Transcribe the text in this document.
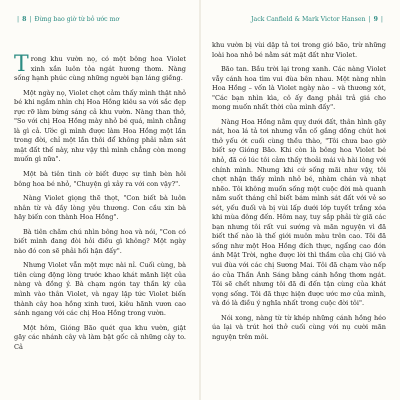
| 8 | Đừng bao giờ từ bỏ ước mơ

Trong khu vườn nọ, có một bông hoa Violet xinh xắn luôn tỏa ngát hương thơm. Nàng sống hạnh phúc cùng những người bạn láng giềng.

Một ngày nọ, Violet chợt cảm thấy mình thật nhỏ bé khi ngắm nhìn chị Hoa Hồng kiêu sa với sắc đẹp rực rỡ làm bừng sáng cả khu vườn. Nàng than thở, "So với chị Hoa Hồng mày nhỏ bé quá, mình chẳng là gì cả. Ước gì mình được làm Hoa Hồng một lần trong đời, chỉ một lần thôi để không phải nằm sát mặt đất thế này, như vậy thì mình chẳng còn mong muốn gì nữa".

Một bà tiên tình cờ biết được sự tình bèn hỏi bông hoa bé nhỏ, "Chuyện gì xảy ra với con vậy?".

Nàng Violet giọng thẽ thọt, "Con biết bà luôn nhân từ và đầy lòng yêu thương. Con cầu xin bà hãy biến con thành Hoa Hồng".

Bà tiên chăm chú nhìn bông hoa và nói, "Con có biết mình đang đòi hỏi điều gì không? Một ngày nào đó con sẽ phải hối hận đấy".

Nhưng Violet vẫn một mực nài nỉ. Cuối cùng, bà tiên cùng động lòng trước khao khát mãnh liệt của nàng và đồng ý. Bà chạm ngón tay thần kỳ của mình vào thân Violet, và ngay lập tức Violet biến thành cây hoa hồng xinh tươi, kiêu hãnh vươn cao sánh ngang với các chị Hoa Hồng trong vườn.

Một hôm, Gióng Bão quét qua khu vườn, giật gãy các nhánh cây và làm bật gốc cả những cây to. Cả

Jack Canfield & Mark Victor Hansen | 9 |

khu vườn bị vùi dập tả tơi trong gió bão, trừ những loài hoa nhỏ bé nằm sát mặt đất như Violet.

Bão tan. Bầu trời lại trong xanh. Các nàng Violet vẫy cánh hoa tìm vui đùa bên nhau. Một nàng nhìn Hoa Hồng – vốn là Violet ngày nào – và thương xót, "Các bạn nhìn kìa, cô ấy đang phải trả giá cho mong muốn nhất thời của mình đấy".

Nàng Hoa Hồng nằm quỵ dưới đất, thân hình gãy nát, hoa lá tả tơi nhưng vẫn cố gắng dồng chút hơi thở yếu ớt cuối cùng thều thào, "Tôi chưa bao giờ biết sợ Gióng Bão. Khi còn là bông hoa Violet bé nhỏ, đã có lúc tôi cảm thấy thoải mái và hài lòng với chính mình. Nhưng khi cứ sống mãi như vậy, tôi chợt nhận thấy mình nhỏ bé, nhàm chán và nhạt nhẽo. Tôi không muốn sống một cuộc đời mà quanh năm suốt tháng chỉ biết bám mình sát đất với vẻ so sét, yếu đuối và bị vùi lấp dưới lớp tuyết trắng xóa khi mùa đông đến. Hôm nay, tuy sắp phải từ giã các bạn nhưng tôi rất vui sướng và mãn nguyện vì đã biết thế nào là thế giới muôn màu trên cao. Tôi đã sống như một Hoa Hồng đích thực, ngẩng cao đón ánh Mặt Trời, nghe được lời thì thầm của chị Gió và vui đùa với các chị Sương Mai. Tôi đã chạm vào nếp áo của Thần Ánh Sáng bằng cánh hồng thơm ngát. Tôi sẽ chết nhưng tôi đã đi đến tận cùng của khát vọng sống. Tôi đã thực hiện được ước mơ của mình, và đó là điều ý nghĩa nhất trong cuộc đời tôi".

Nói xong, nàng từ từ khép những cánh hồng héo úa lại và trút hơi thở cuối cùng với nụ cười mãn nguyện trên môi.
